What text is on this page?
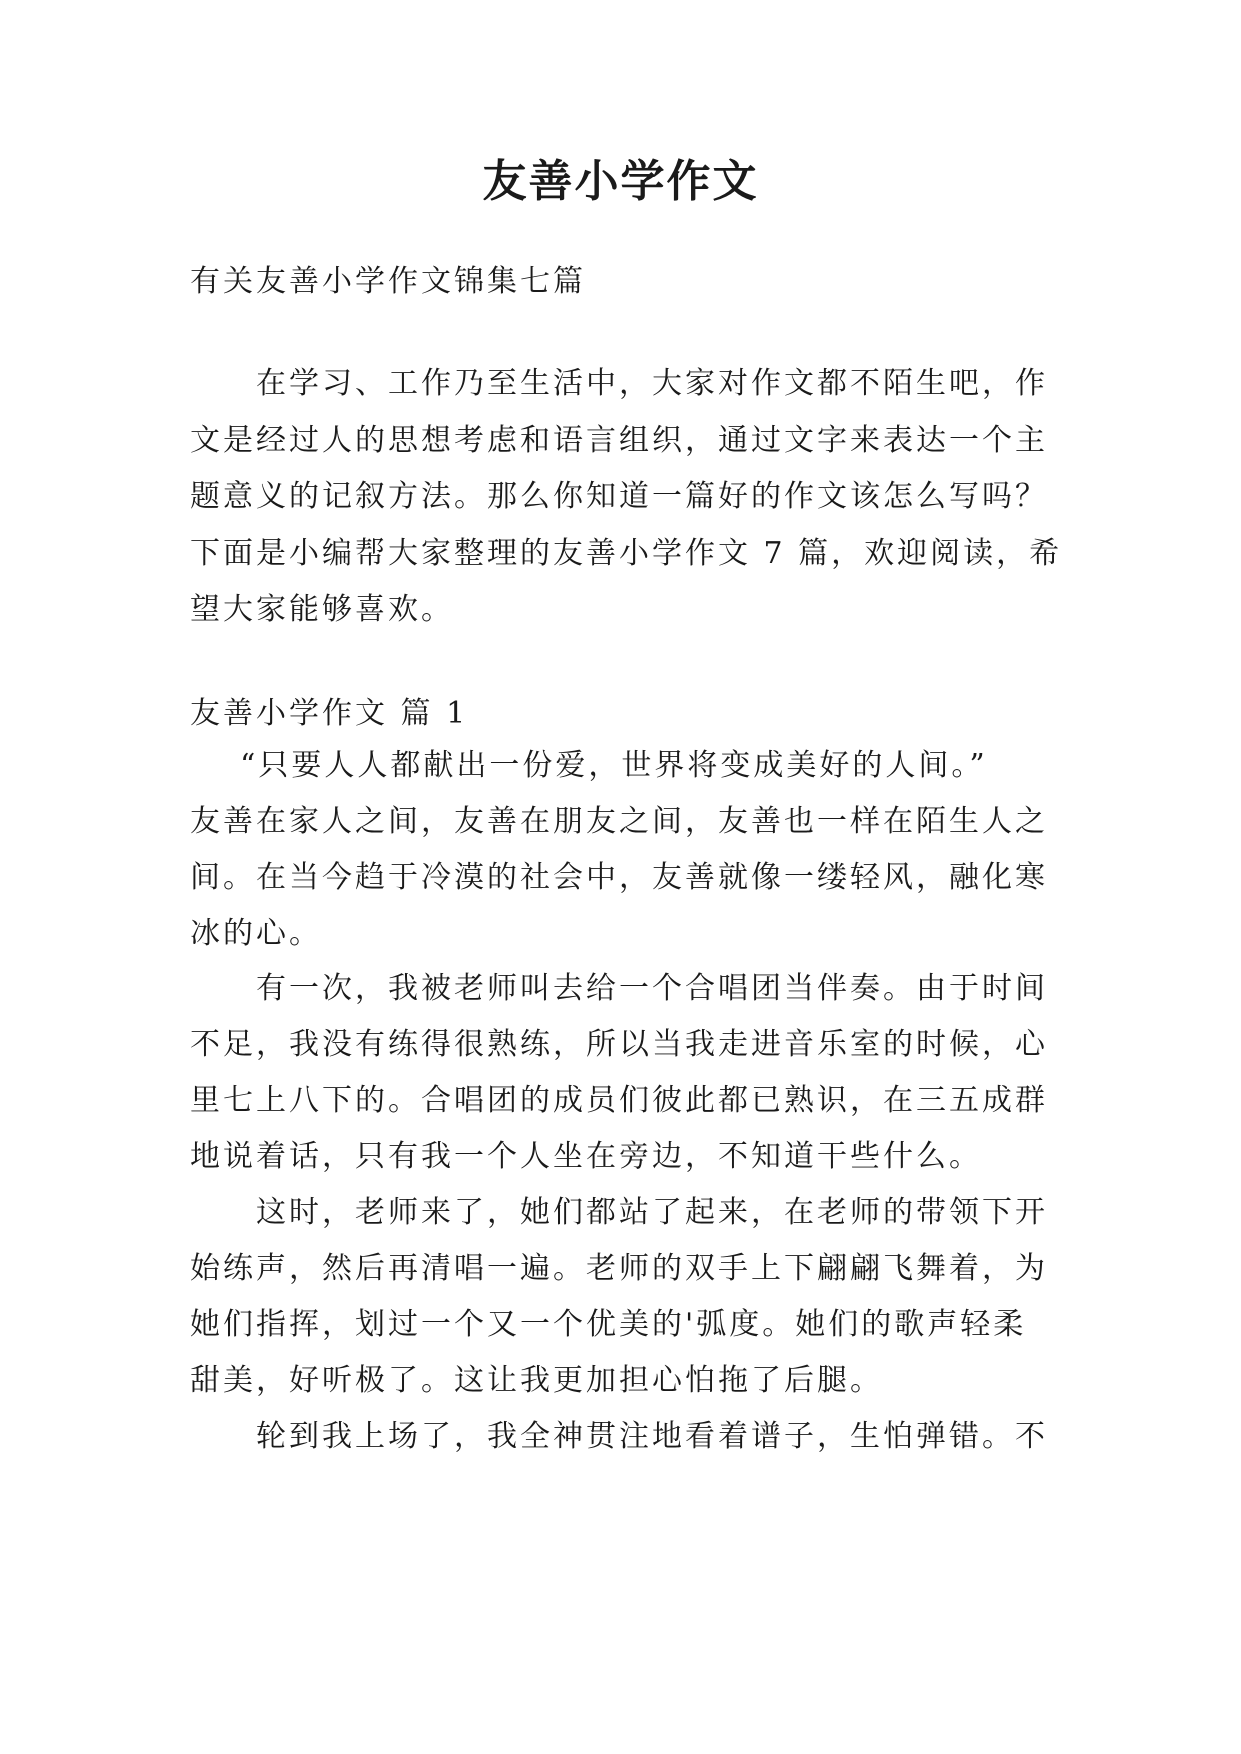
友善小学作文
有关友善小学作文锦集七篇
在学习、工作乃至生活中，大家对作文都不陌生吧，作
文是经过人的思想考虑和语言组织，通过文字来表达一个主
题意义的记叙方法。那么你知道一篇好的作文该怎么写吗？
下面是小编帮大家整理的友善小学作文 7 篇，欢迎阅读，希
望大家能够喜欢。
友善小学作文 篇 1
“只要人人都献出一份爱，世界将变成美好的人间。”
友善在家人之间，友善在朋友之间，友善也一样在陌生人之
间。在当今趋于冷漠的社会中，友善就像一缕轻风，融化寒
冰的心。
有一次，我被老师叫去给一个合唱团当伴奏。由于时间
不足，我没有练得很熟练，所以当我走进音乐室的时候，心
里七上八下的。合唱团的成员们彼此都已熟识，在三五成群
地说着话，只有我一个人坐在旁边，不知道干些什么。
这时，老师来了，她们都站了起来，在老师的带领下开
始练声，然后再清唱一遍。老师的双手上下翩翩飞舞着，为
她们指挥，划过一个又一个优美的'弧度。她们的歌声轻柔
甜美，好听极了。这让我更加担心怕拖了后腿。
轮到我上场了，我全神贯注地看着谱子，生怕弹错。不
